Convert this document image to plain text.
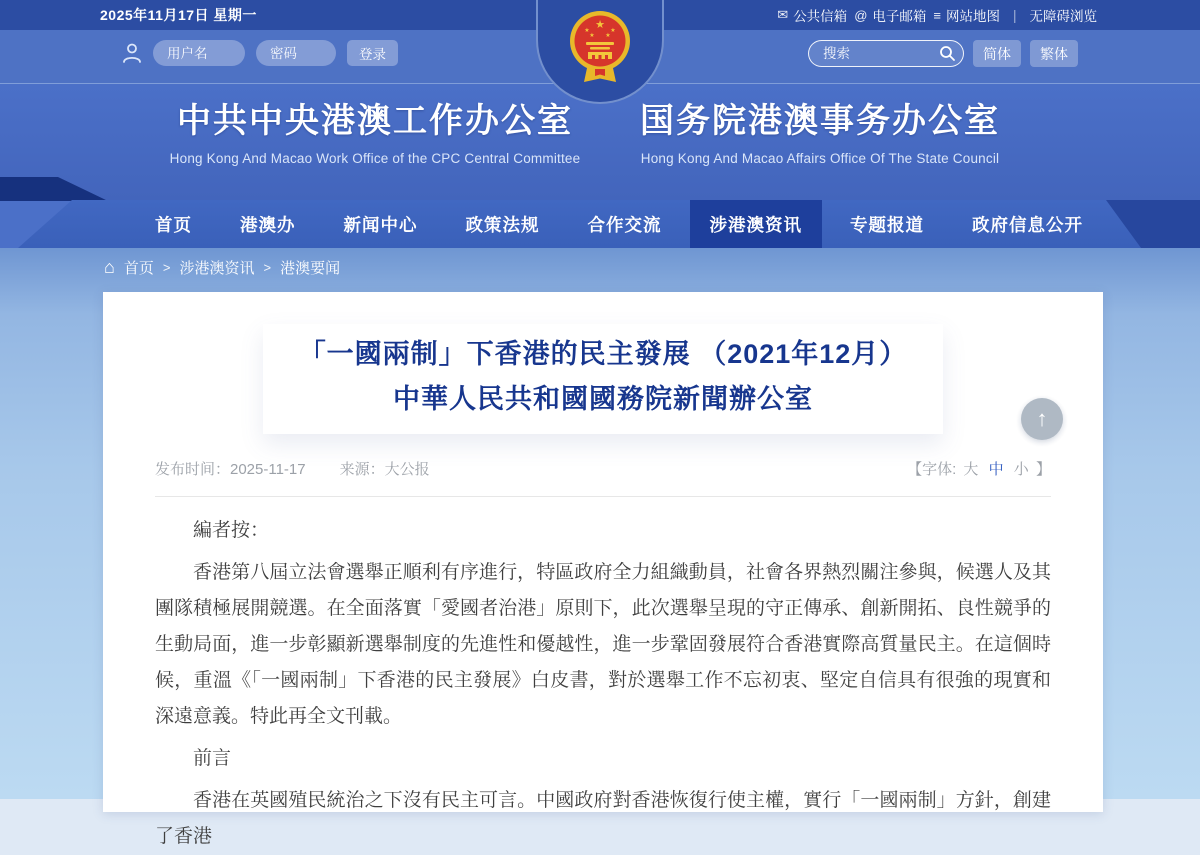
2025年11月17日 星期一	✉ 公共信箱 @ 电子邮箱 ≡ 网站地图 | 无障碍浏览
用户名
登录
搜索	简体	繁体
★
★	★
★ ★
中共中央港澳工作办公室
Hong Kong And Macao Work Office of the CPC Central Committee
国务院港澳事务办公室
Hong Kong And Macao Affairs Office Of The State Council
首页	港澳办	新闻中心	政策法规	合作交流	涉港澳资讯	专题报道	政府信息公开
⌂ 首页 > 涉港澳资讯 > 港澳要闻
「一國兩制」下香港的民主發展 （2021年12月）
中華人民共和國國務院新聞辦公室
发布时间：2025-11-17 来源：大公报	【字体: 大 中 小 】

編者按：

香港第八屆立法會選舉正順利有序進行，特區政府全力組織動員，社會各界熱烈關注參與，候選人及其團隊積極展開競選。在全面落實「愛國者治港」原則下，此次選舉呈現的守正傳承、創新開拓、良性競爭的生動局面，進一步彰顯新選舉制度的先進性和優越性，進一步鞏固發展符合香港實際高質量民主。在這個時候，重溫《「一國兩制」下香港的民主發展》白皮書，對於選舉工作不忘初衷、堅定自信具有很強的現實和深遠意義。特此再全文刊載。

前言

香港在英國殖民統治之下沒有民主可言。中國政府對香港恢復行使主權，實行「一國兩制」方針，創建了香港

↑
